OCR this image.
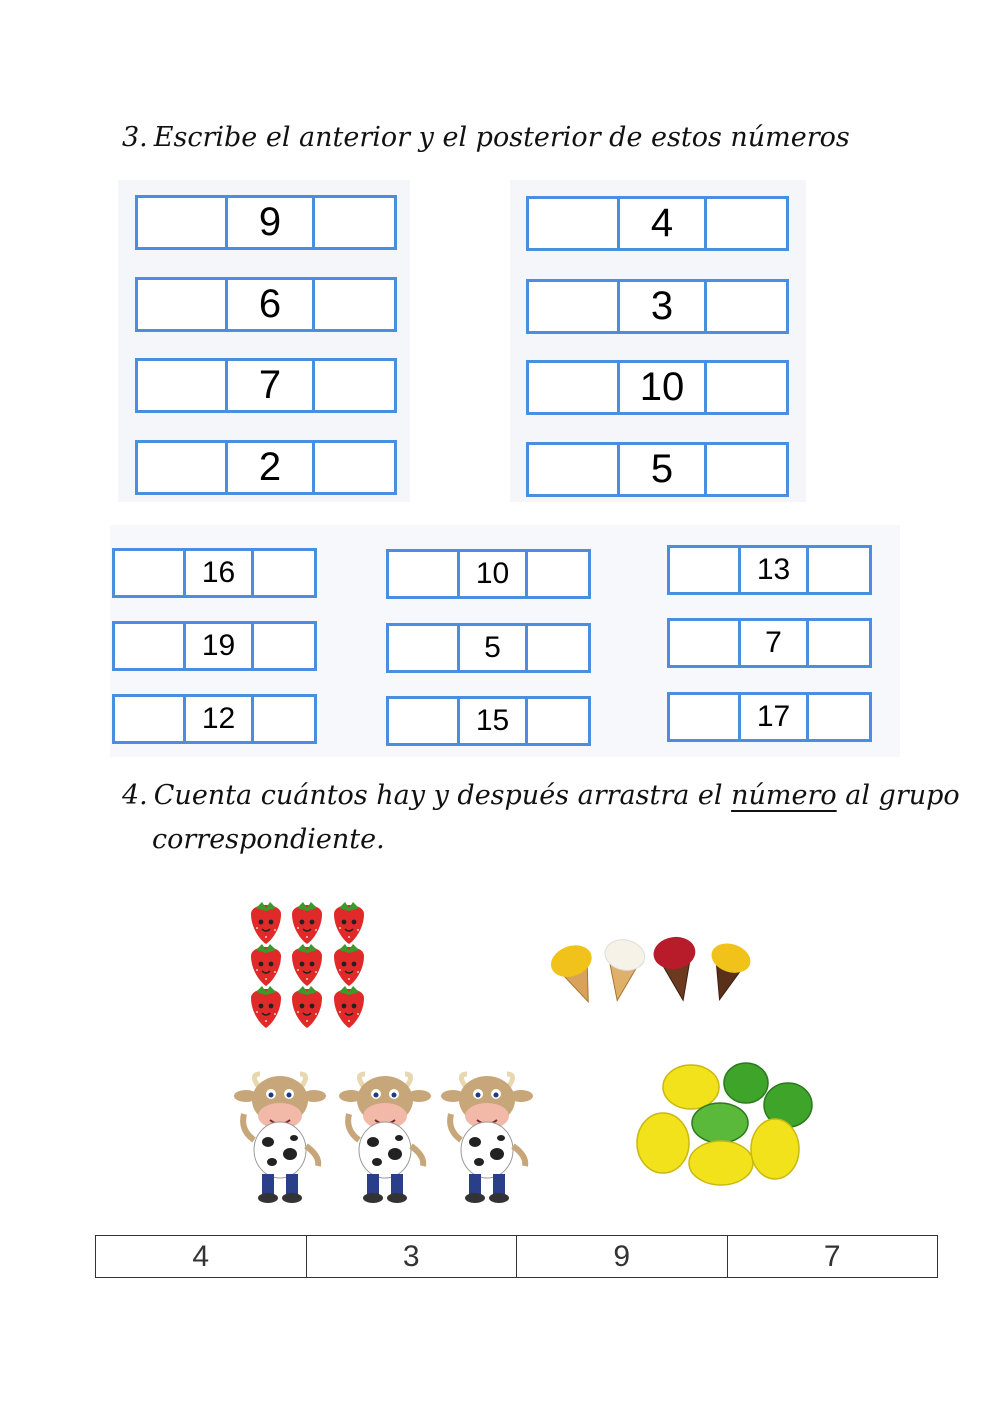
3. Escribe el anterior y el posterior de estos números

9
6
7
2
4
3
10
5
16
19
12
10
5
15
13
7
17

4. Cuenta cuántos hay y después arrastra el número al grupo

correspondiente.

4	3	9	7
